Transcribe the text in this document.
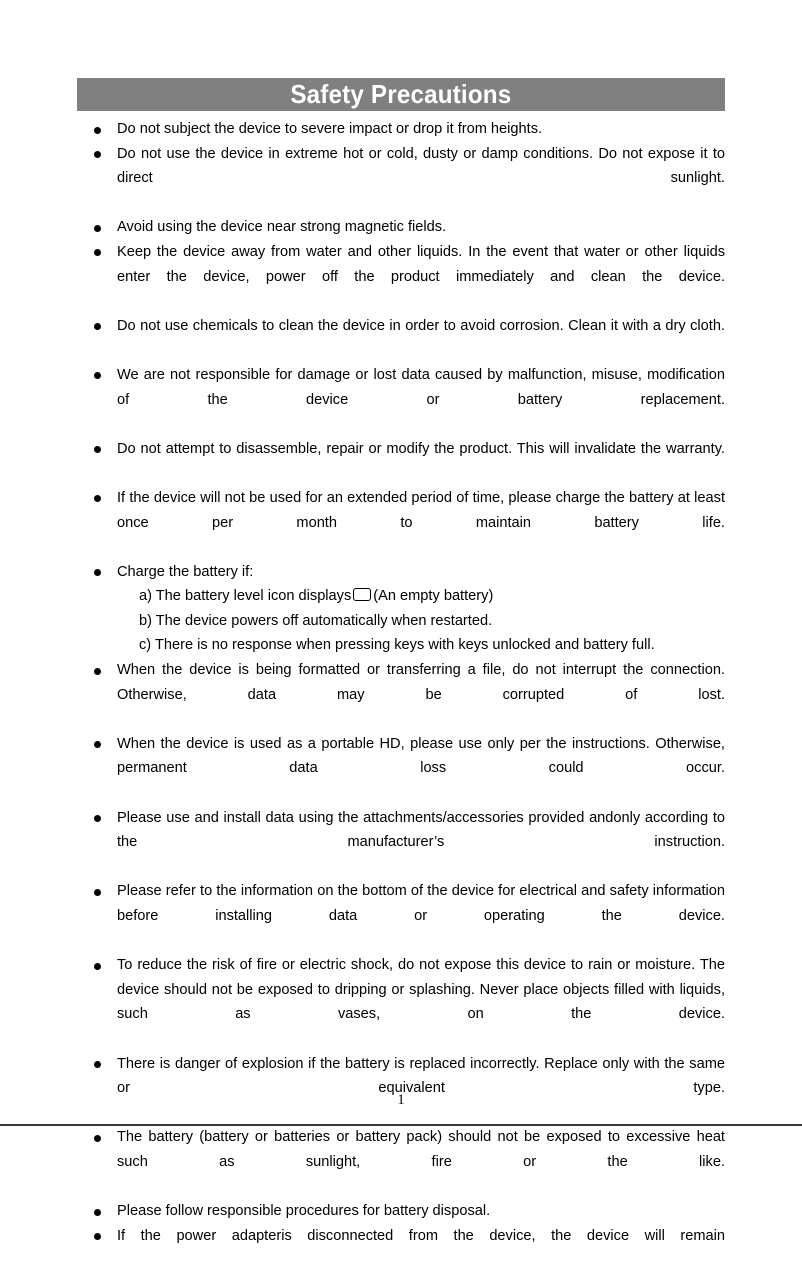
Safety Precautions
Do not subject the device to severe impact or drop it from heights.
Do not use the device in extreme hot or cold, dusty or damp conditions. Do not expose it to direct sunlight.
Avoid using the device near strong magnetic fields.
Keep the device away from water and other liquids. In the event that water or other liquids enter the device, power off the product immediately and clean the device.
Do not use chemicals to clean the device in order to avoid corrosion. Clean it with a dry cloth.
We are not responsible for damage or lost data caused by malfunction, misuse, modification of the device or battery replacement.
Do not attempt to disassemble, repair or modify the product. This will invalidate the warranty.
If the device will not be used for an extended period of time, please charge the battery at least once per month to maintain battery life.
Charge the battery if:
a) The battery level icon displays (An empty battery)
b) The device powers off automatically when restarted.
c) There is no response when pressing keys with keys unlocked and battery full.
When the device is being formatted or transferring a file, do not interrupt the connection. Otherwise, data may be corrupted of lost.
When the device is used as a portable HD, please use only per the instructions. Otherwise, permanent data loss could occur.
Please use and install data using the attachments/accessories provided andonly according to the manufacturer’s instruction.
Please refer to the information on the bottom of the device for electrical and safety information before installing data or operating the device.
To reduce the risk of fire or electric shock, do not expose this device to rain or moisture. The device should not be exposed to dripping or splashing. Never place objects filled with liquids, such as vases, on the device.
There is danger of explosion if the battery is replaced incorrectly. Replace only with the same or equivalent type.
The battery (battery or batteries or battery pack) should not be exposed to excessive heat such as sunlight, fire or the like.
Please follow responsible procedures for battery disposal.
If the power adapteris disconnected from the device, the device will remain
1
